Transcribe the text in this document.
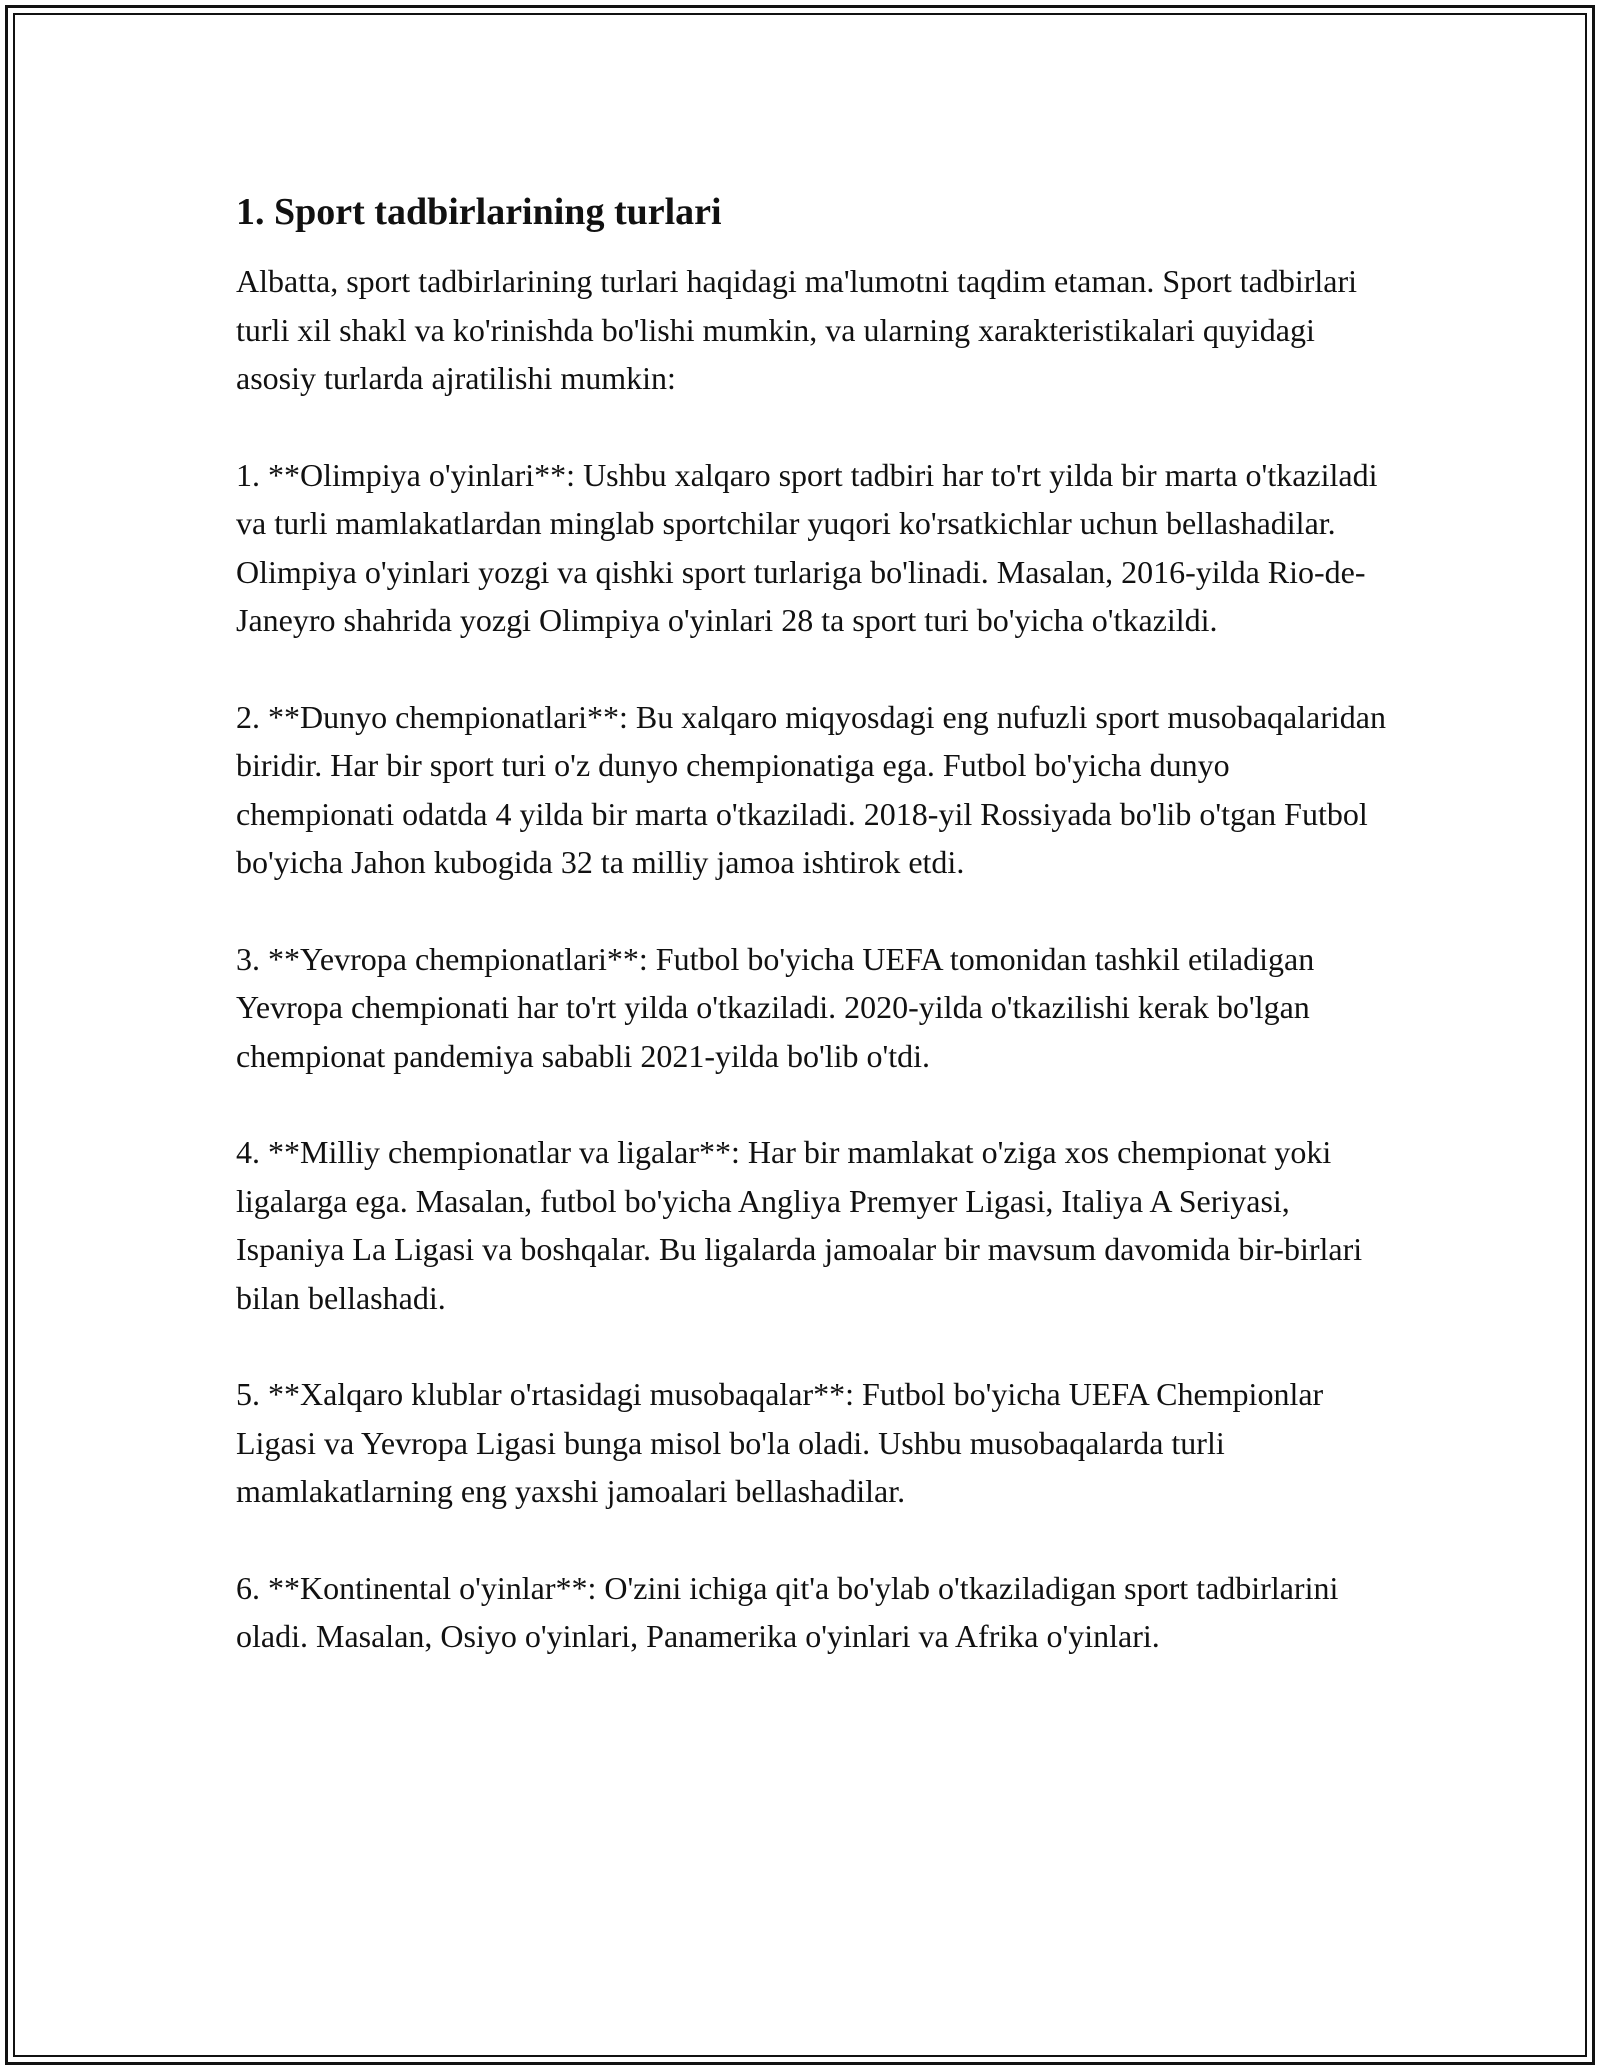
1. Sport tadbirlarining turlari

Albatta, sport tadbirlarining turlari haqidagi ma'lumotni taqdim etaman. Sport tadbirlari turli xil shakl va ko'rinishda bo'lishi mumkin, va ularning xarakteristikalari quyidagi asosiy turlarda ajratilishi mumkin:

1. **Olimpiya o'yinlari**: Ushbu xalqaro sport tadbiri har to'rt yilda bir marta o'tkaziladi va turli mamlakatlardan minglab sportchilar yuqori ko'rsatkichlar uchun bellashadilar. Olimpiya o'yinlari yozgi va qishki sport turlariga bo'linadi. Masalan, 2016-yilda Rio-de-Janeyro shahrida yozgi Olimpiya o'yinlari 28 ta sport turi bo'yicha o'tkazildi.

2. **Dunyo chempionatlari**: Bu xalqaro miqyosdagi eng nufuzli sport musobaqalaridan biridir. Har bir sport turi o'z dunyo chempionatiga ega. Futbol bo'yicha dunyo chempionati odatda 4 yilda bir marta o'tkaziladi. 2018-yil Rossiyada bo'lib o'tgan Futbol bo'yicha Jahon kubogida 32 ta milliy jamoa ishtirok etdi.

3. **Yevropa chempionatlari**: Futbol bo'yicha UEFA tomonidan tashkil etiladigan Yevropa chempionati har to'rt yilda o'tkaziladi. 2020-yilda o'tkazilishi kerak bo'lgan chempionat pandemiya sababli 2021-yilda bo'lib o'tdi.

4. **Milliy chempionatlar va ligalar**: Har bir mamlakat o'ziga xos chempionat yoki ligalarga ega. Masalan, futbol bo'yicha Angliya Premyer Ligasi, Italiya A Seriyasi, Ispaniya La Ligasi va boshqalar. Bu ligalarda jamoalar bir mavsum davomida bir-birlari bilan bellashadi.

5. **Xalqaro klublar o'rtasidagi musobaqalar**: Futbol bo'yicha UEFA Chempionlar Ligasi va Yevropa Ligasi bunga misol bo'la oladi. Ushbu musobaqalarda turli mamlakatlarning eng yaxshi jamoalari bellashadilar.

6. **Kontinental o'yinlar**: O'zini ichiga qit'a bo'ylab o'tkaziladigan sport tadbirlarini oladi. Masalan, Osiyo o'yinlari, Panamerika o'yinlari va Afrika o'yinlari.
